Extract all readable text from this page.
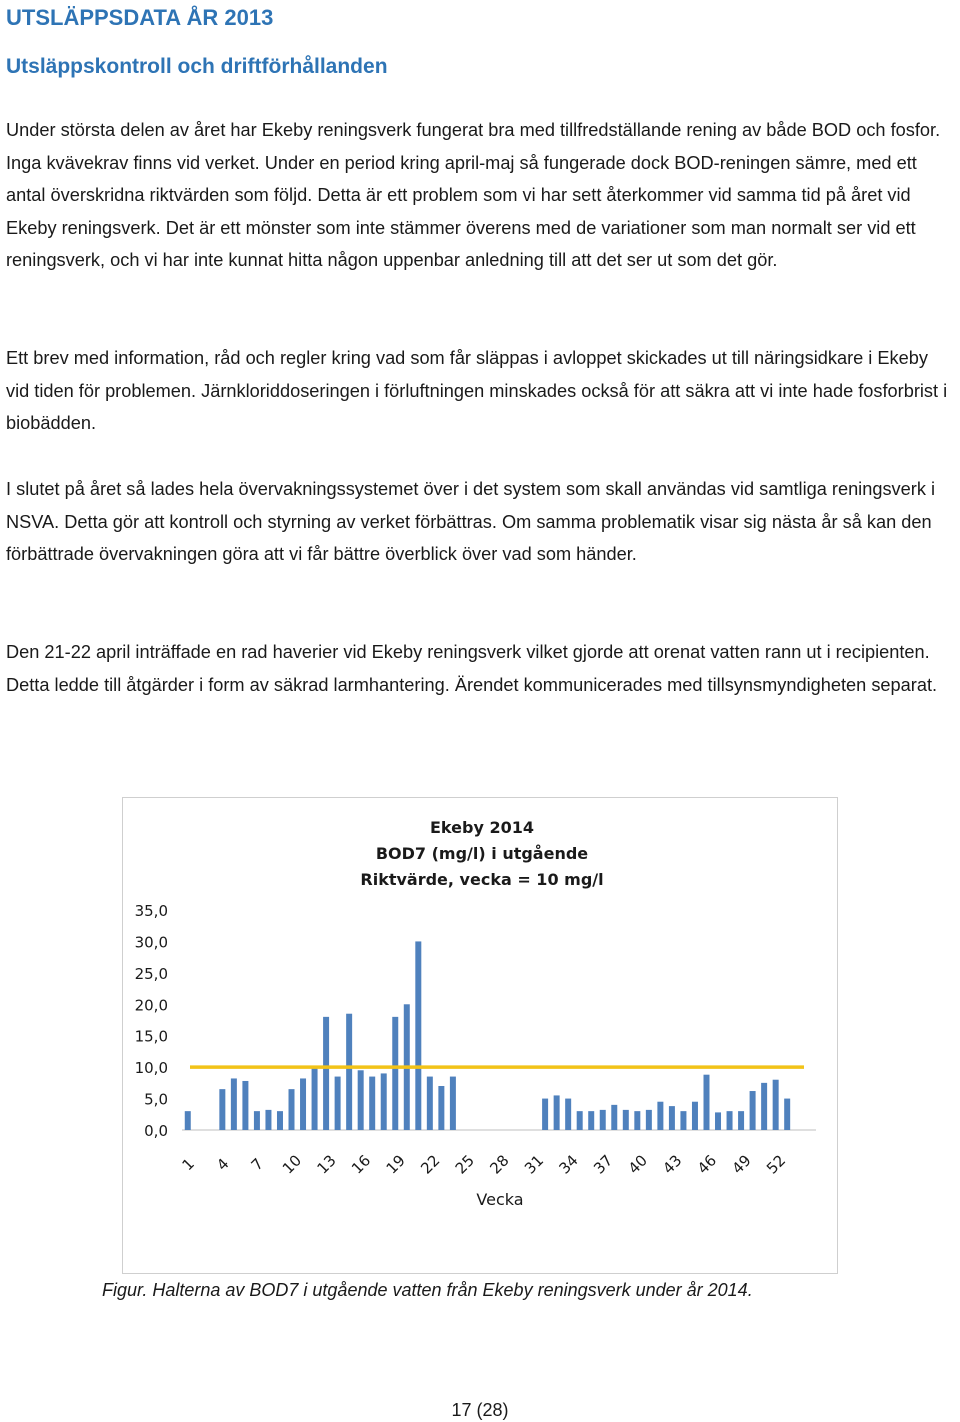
UTSLÄPPSDATA ÅR 2013
Utsläppskontroll och driftförhållanden
Under största delen av året har Ekeby reningsverk fungerat bra med tillfredställande rening av både BOD och fosfor. Inga kvävekrav finns vid verket. Under en period kring april-maj så fungerade dock BOD-reningen sämre, med ett antal överskridna riktvärden som följd. Detta är ett problem som vi har sett återkommer vid samma tid på året vid Ekeby reningsverk. Det är ett mönster som inte stämmer överens med de variationer som man normalt ser vid ett reningsverk, och vi har inte kunnat hitta någon uppenbar anledning till att det ser ut som det gör.
Ett brev med information, råd och regler kring vad som får släppas i avloppet skickades ut till näringsidkare i Ekeby vid tiden för problemen. Järnkloriddoseringen i förluftningen minskades också för att säkra att vi inte hade fosforbrist i biobädden.
I slutet på året så lades hela övervakningssystemet över i det system som skall användas vid samtliga reningsverk i NSVA. Detta gör att kontroll och styrning av verket förbättras. Om samma problematik visar sig nästa år så kan den förbättrade övervakningen göra att vi får bättre överblick över vad som händer.
Den 21-22 april inträffade en rad haverier vid Ekeby reningsverk vilket gjorde att orenat vatten rann ut i recipienten. Detta ledde till åtgärder i form av säkrad larmhantering. Ärendet kommunicerades med tillsynsmyndigheten separat.
Ekeby 2014
BOD7 (mg/l) i utgående
Riktvärde, vecka = 10 mg/l
35,0
30,0
25,0
20,0
15,0
10,0
5,0
0,0
1 4 7 10 13 16 19 22 25 28 31 34 37 40 43 46 49 52
Vecka
Figur. Halterna av BOD7 i utgående vatten från Ekeby reningsverk under år 2014.
17 (28)
